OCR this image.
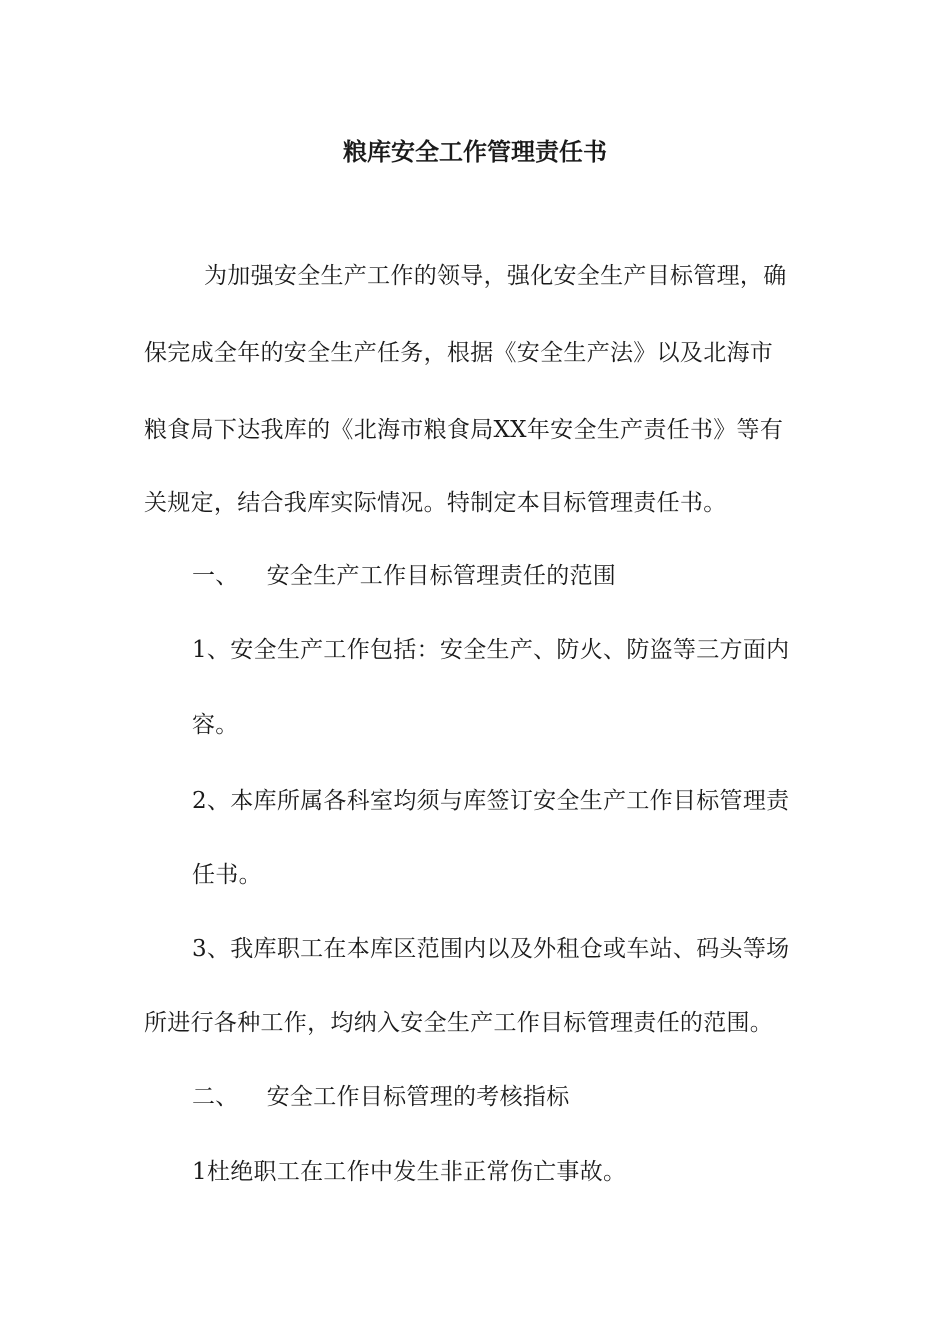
粮库安全工作管理责任书
为加强安全生产工作的领导，强化安全生产目标管理，确
保完成全年的安全生产任务，根据《安全生产法》以及北海市
粮食局下达我库的《北海市粮食局XX年安全生产责任书》等有
关规定，结合我库实际情况。特制定本目标管理责任书。
一、 安全生产工作目标管理责任的范围
1、安全生产工作包括：安全生产、防火、防盗等三方面内
容。
2、本库所属各科室均须与库签订安全生产工作目标管理责
任书。
3、我库职工在本库区范围内以及外租仓或车站、码头等场
所进行各种工作，均纳入安全生产工作目标管理责任的范围。
二、 安全工作目标管理的考核指标
1杜绝职工在工作中发生非正常伤亡事故。
